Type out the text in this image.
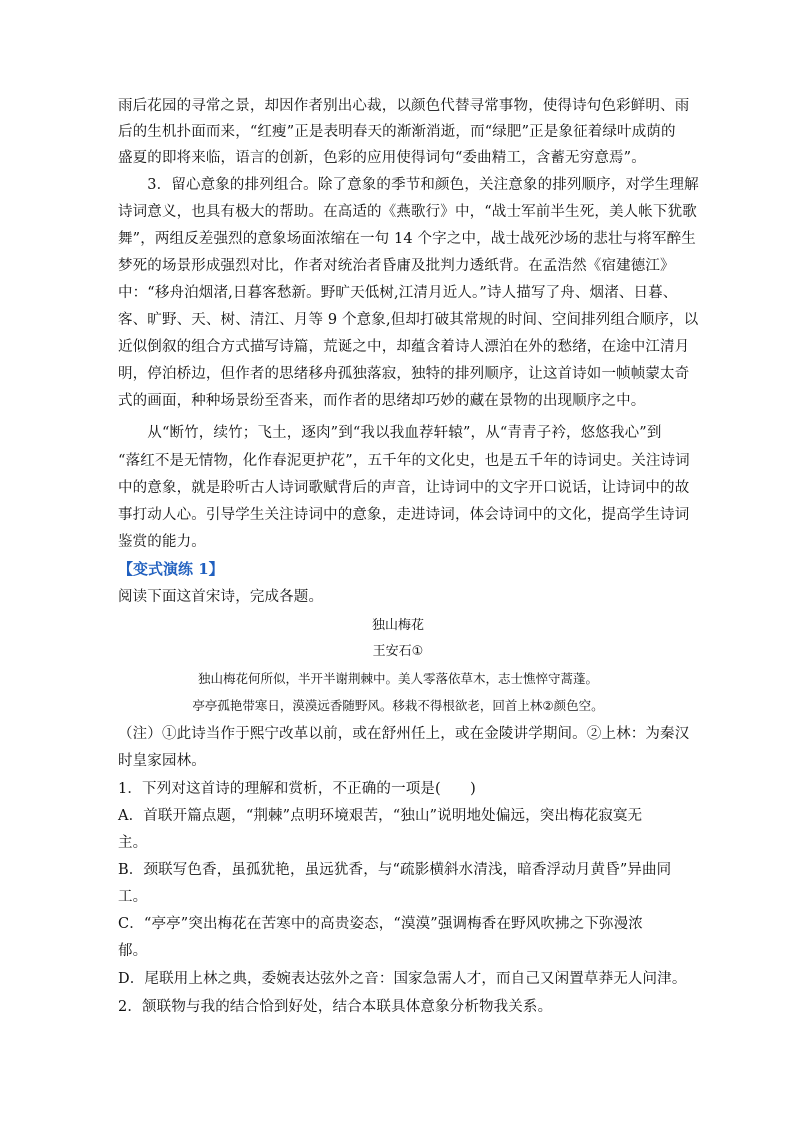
雨后花园的寻常之景，却因作者别出心裁，以颜色代替寻常事物，使得诗句色彩鲜明、雨
后的生机扑面而来，“红瘦”正是表明春天的渐渐消逝，而“绿肥”正是象征着绿叶成荫的
盛夏的即将来临，语言的创新，色彩的应用使得词句“委曲精工，含蓄无穷意焉”。
　　3．留心意象的排列组合。除了意象的季节和颜色，关注意象的排列顺序，对学生理解
诗词意义，也具有极大的帮助。在高适的《燕歌行》中，“战士军前半生死，美人帐下犹歌
舞”，两组反差强烈的意象场面浓缩在一句 14 个字之中，战士战死沙场的悲壮与将军醉生
梦死的场景形成强烈对比，作者对统治者昏庸及批判力透纸背。在孟浩然《宿建德江》
中：“移舟泊烟渚,日暮客愁新。野旷天低树,江清月近人。”诗人描写了舟、烟渚、日暮、
客、旷野、天、树、清江、月等 9 个意象,但却打破其常规的时间、空间排列组合顺序，以
近似倒叙的组合方式描写诗篇，荒诞之中，却蕴含着诗人漂泊在外的愁绪，在途中江清月
明，停泊桥边，但作者的思绪移舟孤独落寂，独特的排列顺序，让这首诗如一帧帧蒙太奇
式的画面，种种场景纷至沓来，而作者的思绪却巧妙的藏在景物的出现顺序之中。
　　从“断竹，续竹；飞土，逐肉”到“我以我血荐轩辕”，从“青青子衿，悠悠我心”到
“落红不是无情物，化作春泥更护花”，五千年的文化史，也是五千年的诗词史。关注诗词
中的意象，就是聆听古人诗词歌赋背后的声音，让诗词中的文字开口说话，让诗词中的故
事打动人心。引导学生关注诗词中的意象，走进诗词，体会诗词中的文化，提高学生诗词
鉴赏的能力。
【变式演练 1】
阅读下面这首宋诗，完成各题。
独山梅花
王安石①
独山梅花何所似，半开半谢荆棘中。美人零落依草木，志士憔悴守蒿蓬。
亭亭孤艳带寒日，漠漠远香随野风。移栽不得根欲老，回首上林②颜色空。
（注）①此诗当作于熙宁改革以前，或在舒州任上，或在金陵讲学期间。②上林：为秦汉
时皇家园林。
1．下列对这首诗的理解和赏析，不正确的一项是(　　)
A．首联开篇点题，“荆棘”点明环境艰苦，“独山”说明地处偏远，突出梅花寂寞无
主。
B．颈联写色香，虽孤犹艳，虽远犹香，与“疏影横斜水清浅，暗香浮动月黄昏”异曲同
工。
C．“亭亭”突出梅花在苦寒中的高贵姿态，“漠漠”强调梅香在野风吹拂之下弥漫浓
郁。
D．尾联用上林之典，委婉表达弦外之音：国家急需人才，而自己又闲置草莽无人问津。
2．颔联物与我的结合恰到好处，结合本联具体意象分析物我关系。
